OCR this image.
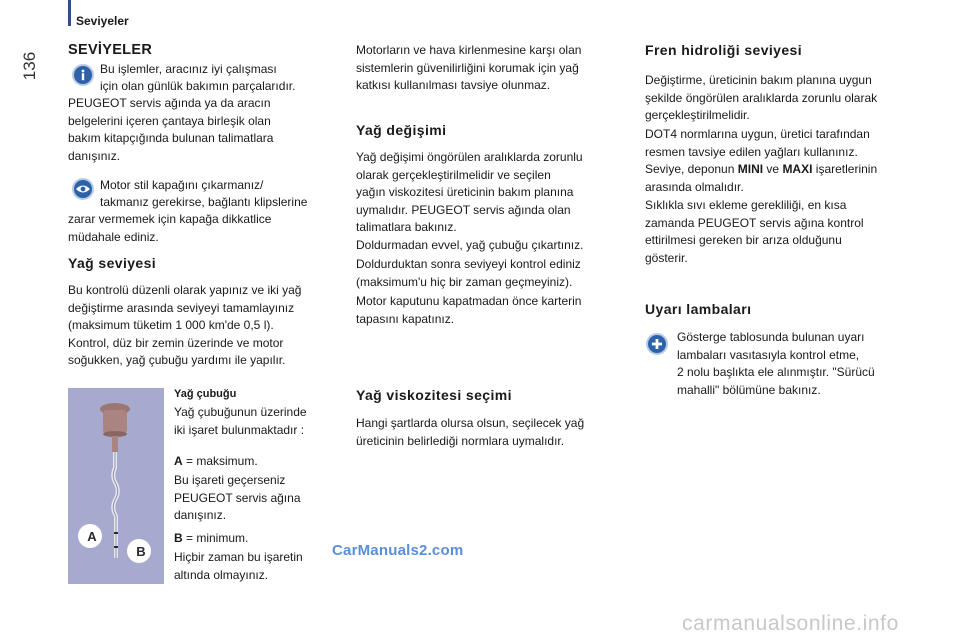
Seviyeler
136
SEVİYELER
Bu işlemler, aracınız iyi çalışması
için olan günlük bakımın parçalarıdır.

PEUGEOT servis ağında ya da aracın

belgelerini içeren çantaya birleşik olan

bakım kitapçığında bulunan talimatlara

danışınız.

Motor stil kapağını çıkarmanız/
takmanız gerekirse, bağlantı klipslerine

zarar vermemek için kapağa dikkatlice

müdahale ediniz.

Yağ seviyesi

Bu kontrolü düzenli olarak yapınız ve iki yağ

değiştirme arasında seviyeyi tamamlayınız

(maksimum tüketim 1 000 km'de 0,5 l).

Kontrol, düz bir zemin üzerinde ve motor

soğukken, yağ çubuğu yardımı ile yapılır.

A
B
Yağ çubuğu

Yağ çubuğunun üzerinde

iki işaret bulunmaktadır :

A = maksimum.

Bu işareti geçerseniz

PEUGEOT servis ağına

danışınız.

B = minimum.

Hiçbir zaman bu işaretin

altında olmayınız.

Motorların ve hava kirlenmesine karşı olan

sistemlerin güvenilirliğini korumak için yağ

katkısı kullanılması tavsiye olunmaz.

Yağ değişimi

Yağ değişimi öngörülen aralıklarda zorunlu

olarak gerçekleştirilmelidir ve seçilen

yağın viskozitesi üreticinin bakım planına

uymalıdır. PEUGEOT servis ağında olan

talimatlara bakınız.

Doldurmadan evvel, yağ çubuğu çıkartınız.

Doldurduktan sonra seviyeyi kontrol ediniz

(maksimum'u hiç bir zaman geçmeyiniz).

Motor kaputunu kapatmadan önce karterin

tapasını kapatınız.

Yağ viskozitesi seçimi

Hangi şartlarda olursa olsun, seçilecek yağ

üreticinin belirlediği normlara uymalıdır.

Fren hidroliği seviyesi

Değiştirme, üreticinin bakım planına uygun

şekilde öngörülen aralıklarda zorunlu olarak

gerçekleştirilmelidir.

DOT4 normlarına uygun, üretici tarafından

resmen tavsiye edilen yağları kullanınız.

Seviye, deponun MINI ve MAXI işaretlerinin

arasında olmalıdır.

Sıklıkla sıvı ekleme gerekliliği, en kısa

zamanda PEUGEOT servis ağına kontrol

ettirilmesi gereken bir arıza olduğunu

gösterir.

Uyarı lambaları

Gösterge tablosunda bulunan uyarı

lambaları vasıtasıyla kontrol etme,

2 nolu başlıkta ele alınmıştır. "Sürücü

mahalli" bölümüne bakınız.

CarManuals2.com
carmanualsonline.info
